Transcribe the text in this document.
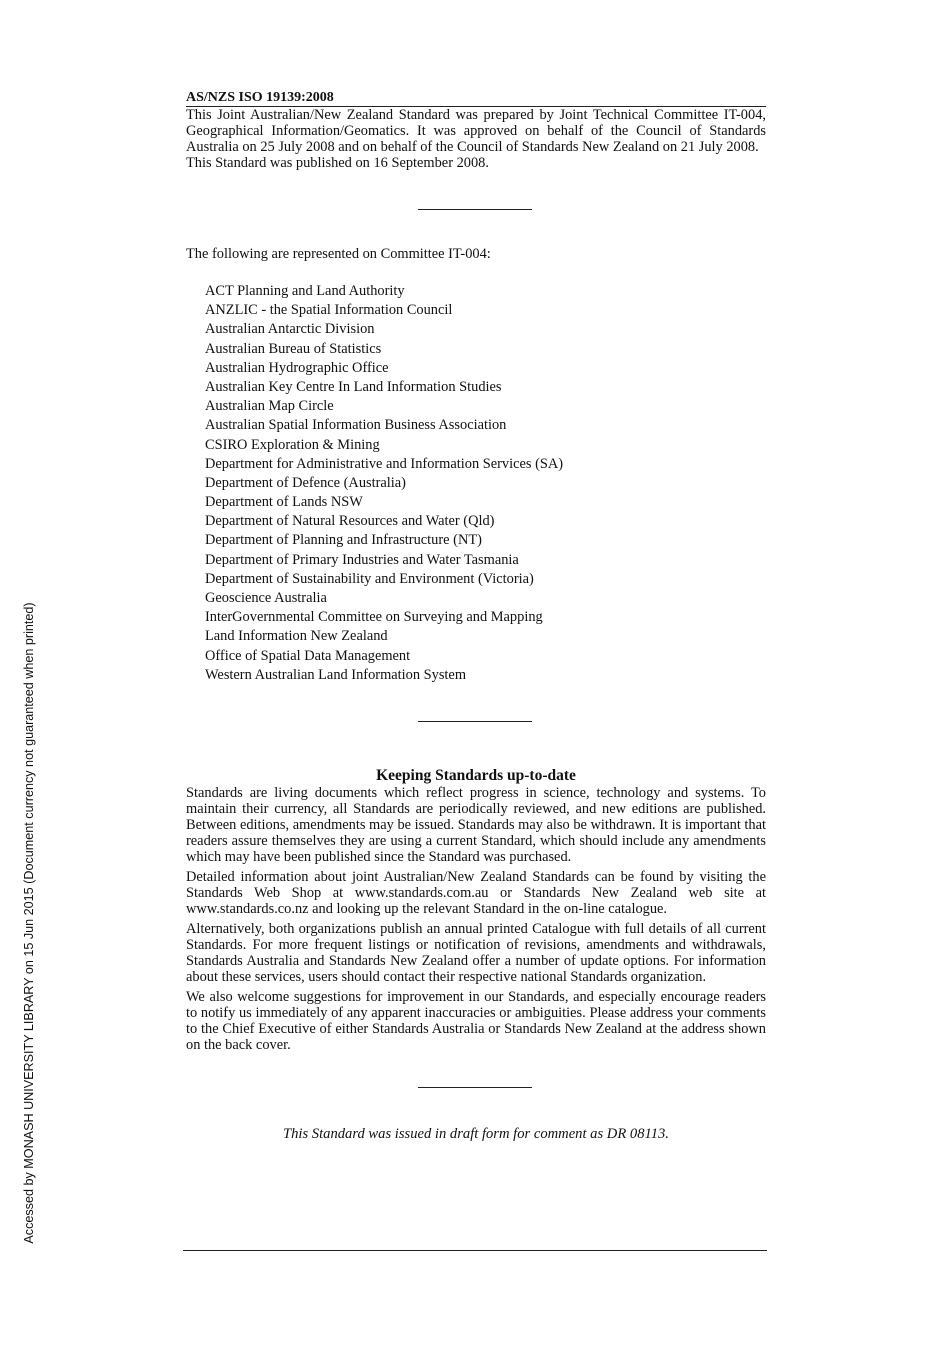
AS/NZS ISO 19139:2008

This Joint Australian/New Zealand Standard was prepared by Joint Technical Committee IT-004, Geographical Information/Geomatics. It was approved on behalf of the Council of Standards Australia on 25 July 2008 and on behalf of the Council of Standards New Zealand on 21 July 2008.

This Standard was published on 16 September 2008.

The following are represented on Committee IT-004:

ACT Planning and Land Authority
ANZLIC - the Spatial Information Council
Australian Antarctic Division
Australian Bureau of Statistics
Australian Hydrographic Office
Australian Key Centre In Land Information Studies
Australian Map Circle
Australian Spatial Information Business Association
CSIRO Exploration & Mining
Department for Administrative and Information Services (SA)
Department of Defence (Australia)
Department of Lands NSW
Department of Natural Resources and Water (Qld)
Department of Planning and Infrastructure (NT)
Department of Primary Industries and Water Tasmania
Department of Sustainability and Environment (Victoria)
Geoscience Australia
InterGovernmental Committee on Surveying and Mapping
Land Information New Zealand
Office of Spatial Data Management
Western Australian Land Information System
Keeping Standards up-to-date

Standards are living documents which reflect progress in science, technology and systems. To maintain their currency, all Standards are periodically reviewed, and new editions are published. Between editions, amendments may be issued. Standards may also be withdrawn. It is important that readers assure themselves they are using a current Standard, which should include any amendments which may have been published since the Standard was purchased.

Detailed information about joint Australian/New Zealand Standards can be found by visiting the Standards Web Shop at www.standards.com.au or Standards New Zealand web site at www.standards.co.nz and looking up the relevant Standard in the on-line catalogue.

Alternatively, both organizations publish an annual printed Catalogue with full details of all current Standards. For more frequent listings or notification of revisions, amendments and withdrawals, Standards Australia and Standards New Zealand offer a number of update options. For information about these services, users should contact their respective national Standards organization.

We also welcome suggestions for improvement in our Standards, and especially encourage readers to notify us immediately of any apparent inaccuracies or ambiguities. Please address your comments to the Chief Executive of either Standards Australia or Standards New Zealand at the address shown on the back cover.

This Standard was issued in draft form for comment as DR 08113.

Accessed by MONASH UNIVERSITY LIBRARY on 15 Jun 2015 (Document currency not guaranteed when printed)
